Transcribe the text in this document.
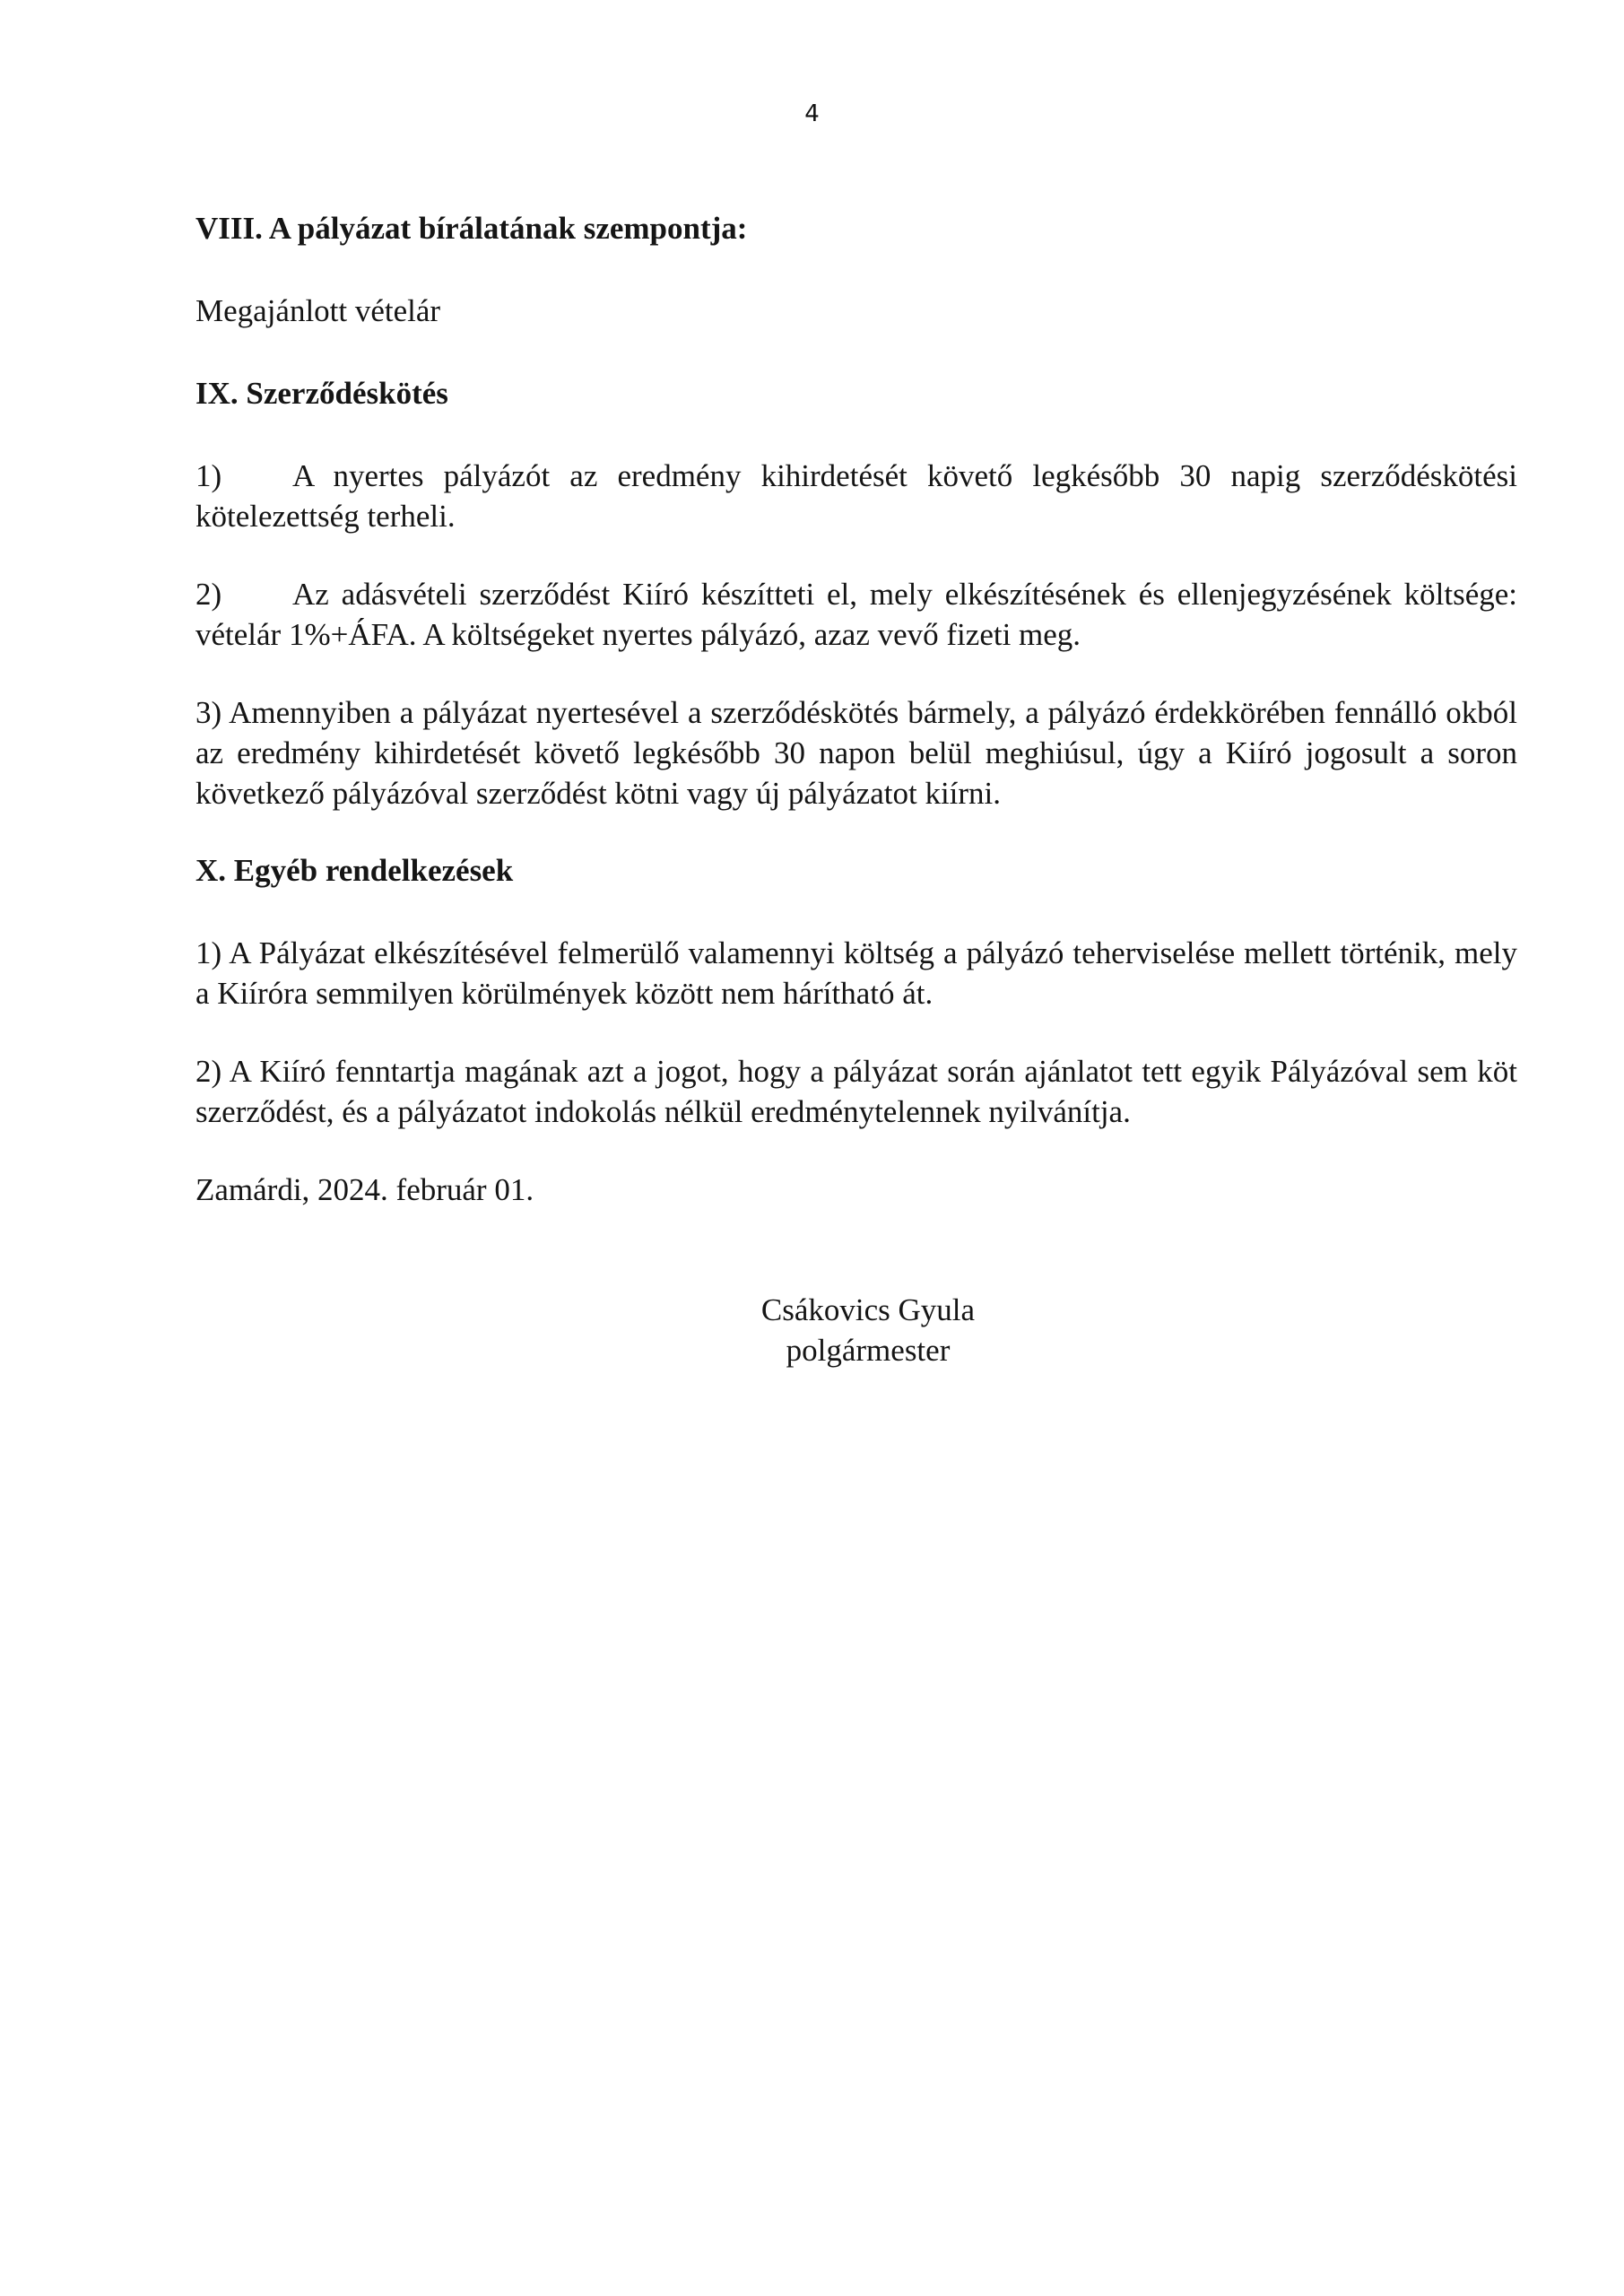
4

VIII. A pályázat bírálatának szempontja:

Megajánlott vételár

IX. Szerződéskötés

1) A nyertes pályázót az eredmény kihirdetését követő legkésőbb 30 napig szerződéskötési kötelezettség terheli.

2) Az adásvételi szerződést Kiíró készítteti el, mely elkészítésének és ellenjegyzésének költsége: vételár 1%+ÁFA. A költségeket nyertes pályázó, azaz vevő fizeti meg.

3) Amennyiben a pályázat nyertesével a szerződéskötés bármely, a pályázó érdekkörében fennálló okból az eredmény kihirdetését követő legkésőbb 30 napon belül meghiúsul, úgy a Kiíró jogosult a soron következő pályázóval szerződést kötni vagy új pályázatot kiírni.

X. Egyéb rendelkezések

1) A Pályázat elkészítésével felmerülő valamennyi költség a pályázó teherviselése mellett történik, mely a Kiíróra semmilyen körülmények között nem hárítható át.

2) A Kiíró fenntartja magának azt a jogot, hogy a pályázat során ajánlatot tett egyik Pályázóval sem köt szerződést, és a pályázatot indokolás nélkül eredménytelennek nyilvánítja.

Zamárdi, 2024. február 01.

Csákovics Gyula
polgármester
